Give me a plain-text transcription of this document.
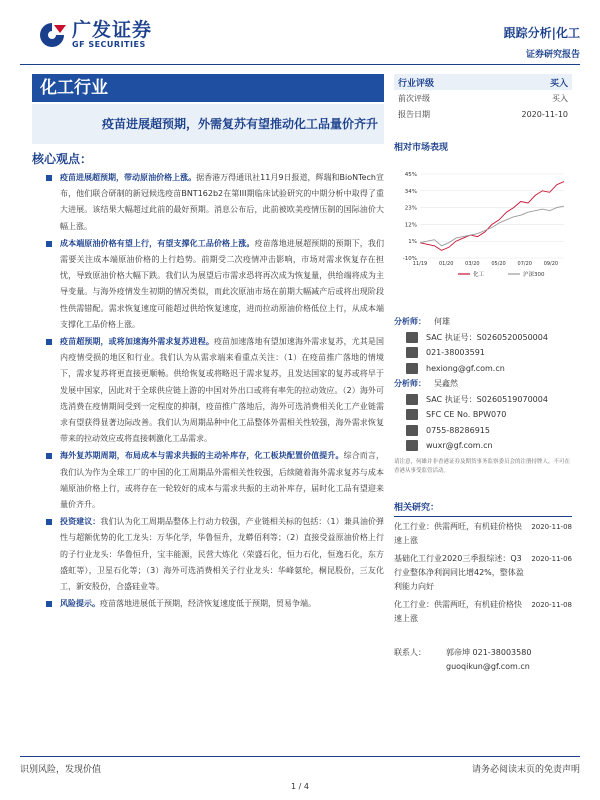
广发证券
GF SECURITIES
跟踪分析|化工
证券研究报告
化工行业
疫苗进展超预期，外需复苏有望推动化工品量价齐升
核心观点：
疫苗进展超预期，带动原油价格上涨。据香港万得通讯社11月9日报道，辉瑞和BioNTech宣布，他们联合研制的新冠候选疫苗BNT162b2在第III期临床试验研究的中期分析中取得了重大进展。该结果大幅超过此前的最好预期。消息公布后，此前被欧美疫情压制的国际油价大幅上涨。
成本端原油价格有望上行，有望支撑化工品价格上涨。疫苗落地进展超预期的预期下，我们需要关注成本端原油价格的上行趋势。前期受二次疫情冲击影响，市场对需求恢复存在担忧，导致原油价格大幅下跌。我们认为展望后市需求恐将再次成为恢复量，供给端将成为主导变量。与海外疫情发生初期的情况类似，而此次原油市场在前期大幅减产后或将出现阶段性供需错配。需求恢复速度可能超过供给恢复速度，进而拉动原油价格低位上行，从成本端支撑化工品价格上涨。
疫苗超预期，或将加速海外需求复苏进程。疫苗加速落地有望加速海外需求复苏，尤其是国内疫情受损的地区和行业。我们认为从需求端来看重点关注：（1）在疫苗推广落地的情境下，需求复苏将更直接更顺畅。供给恢复或将略迟于需求复苏，且发达国家的复苏或将早于发展中国家，因此对于全球供应链上游的中国对外出口或将有率先的拉动效应。（2）海外可选消费在疫情期间受到一定程度的抑制，疫苗推广落地后，海外可选消费相关化工产业链需求有望获得显著边际改善。我们认为周期品种中化工品整体外需相关性较强，海外需求恢复带来的拉动效应或将直接刺激化工品需求。
海外复苏期周期，布局成本与需求共振的主动补库存，化工板块配置价值提升。综合而言，我们认为作为全球工厂的中国的化工周期品外需相关性较强，后续随着海外需求复苏与成本端原油价格上行，或将存在一轮较好的成本与需求共振的主动补库存，届时化工品有望迎来量价齐升。
投资建议：我们认为化工周期品整体上行动力较强，产业链相关标的包括：（1）兼具油价弹性与超额优势的化工龙头：万华化学，华鲁恒升，龙蟒佰利等；（2）直接受益原油价格上行的子行业龙头：华鲁恒升，宝丰能源，民营大炼化（荣盛石化，恒力石化，恒逸石化，东方盛虹等），卫星石化等；（3）海外可选消费相关子行业龙头：华峰氨纶，桐昆股份，三友化工，新安股份，合盛硅业等。
风险提示。疫苗落地进展低于预期，经济恢复速度低于预期，贸易争端。
行业评级	买入
前次评级	买入
报告日期	2020-11-10
相对市场表现
45%
34%
23%
12%
1%
-10%
11/19 01/20 03/20 05/20 07/20 09/20
化工	沪深300
分析师：	何雄
SAC 执证号：S0260520050004
021-38003591
hexiong@gf.com.cn
分析师：	吴鑫然
SAC 执证号：S0260519070004
SFC CE No. BPW070
0755-88286915
wuxr@gf.com.cn
请注意，何雄并非香港证券及期货事务监察委员会的注册持牌人，不可在香港从事受监管活动。
相关研究：
化工行业：供需两旺，有机硅价格快速上涨
2020-11-08
基础化工行业2020三季报综述：Q3行业整体净利润同比增42%，整体盈利能力向好
2020-11-06
化工行业：供需两旺，有机硅价格快速上涨
2020-11-08
联系人：	郭帝坤 021-38003580
guoqikun@gf.com.cn
识别风险，发现价值	请务必阅读末页的免责声明
1 / 4
